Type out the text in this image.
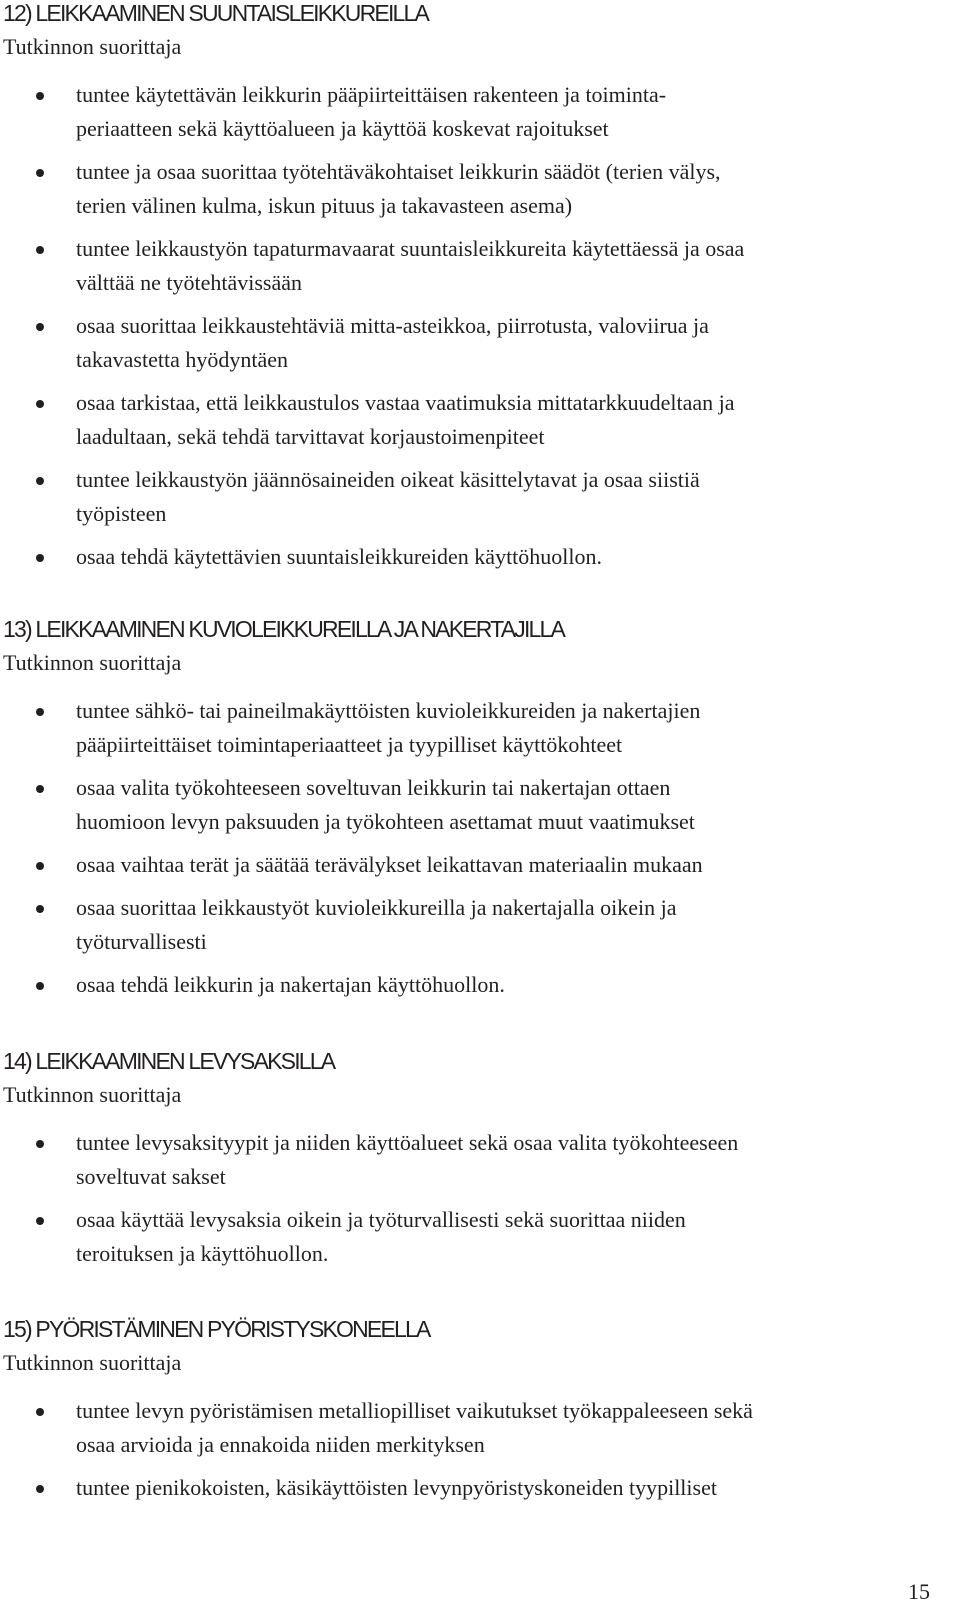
12) LEIKKAAMINEN SUUNTAISLEIKKUREILLA

Tutkinnon suorittaja

tuntee käytettävän leikkurin pääpiirteittäisen rakenteen ja toiminta-
periaatteen sekä käyttöalueen ja käyttöä koskevat rajoitukset
tuntee ja osaa suorittaa työtehtäväkohtaiset leikkurin säädöt (terien välys,
terien välinen kulma, iskun pituus ja takavasteen asema)
tuntee leikkaustyön tapaturmavaarat suuntaisleikkureita käytettäessä ja osaa
välttää ne työtehtävissään
osaa suorittaa leikkaustehtäviä mitta-asteikkoa, piirrotusta, valoviirua ja
takavastetta hyödyntäen
osaa tarkistaa, että leikkaustulos vastaa vaatimuksia mittatarkkuudeltaan ja
laadultaan, sekä tehdä tarvittavat korjaustoimenpiteet
tuntee leikkaustyön jäännösaineiden oikeat käsittelytavat ja osaa siistiä
työpisteen
osaa tehdä käytettävien suuntaisleikkureiden käyttöhuollon.
13) LEIKKAAMINEN KUVIOLEIKKUREILLA JA NAKERTAJILLA

Tutkinnon suorittaja

tuntee sähkö- tai paineilmakäyttöisten kuvioleikkureiden ja nakertajien
pääpiirteittäiset toimintaperiaatteet ja tyypilliset käyttökohteet
osaa valita työkohteeseen soveltuvan leikkurin tai nakertajan ottaen
huomioon levyn paksuuden ja työkohteen asettamat muut vaatimukset
osaa vaihtaa terät ja säätää terävälykset leikattavan materiaalin mukaan
osaa suorittaa leikkaustyöt kuvioleikkureilla ja nakertajalla oikein ja
työturvallisesti
osaa tehdä leikkurin ja nakertajan käyttöhuollon.
14) LEIKKAAMINEN LEVYSAKSILLA

Tutkinnon suorittaja

tuntee levysaksityypit ja niiden käyttöalueet sekä osaa valita työkohteeseen
soveltuvat sakset
osaa käyttää levysaksia oikein ja työturvallisesti sekä suorittaa niiden
teroituksen ja käyttöhuollon.
15) PYÖRISTÄMINEN PYÖRISTYSKONEELLA

Tutkinnon suorittaja

tuntee levyn pyöristämisen metalliopilliset vaikutukset työkappaleeseen sekä
osaa arvioida ja ennakoida niiden merkityksen
tuntee pienikokoisten, käsikäyttöisten levynpyöristyskoneiden tyypilliset
15
